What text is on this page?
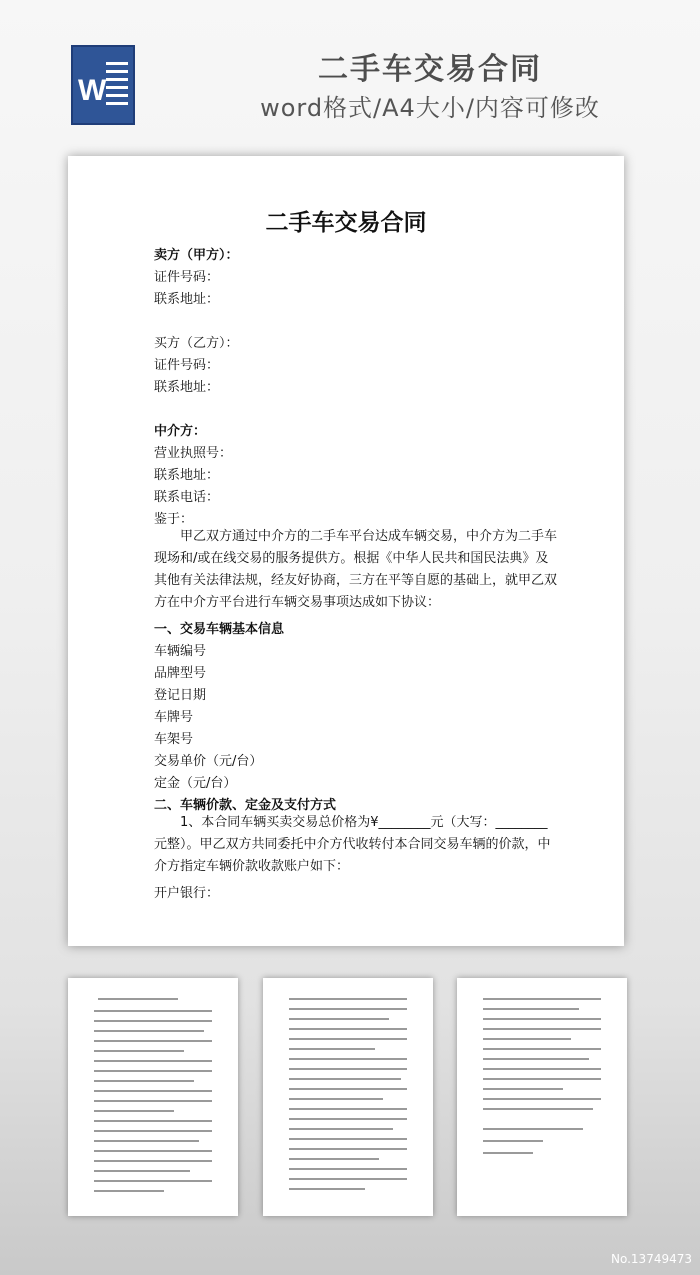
W
二手车交易合同
word格式/A4大小/内容可修改
二手车交易合同
卖方（甲方）：
证件号码：
联系地址：
买方（乙方）：
证件号码：
联系地址：
中介方：
营业执照号：
联系地址：
联系电话：
鉴于：
甲乙双方通过中介方的二手车平台达成车辆交易，中介方为二手车现场和/或在线交易的服务提供方。根据《中华人民共和国民法典》及其他有关法律法规，经友好协商，三方在平等自愿的基础上，就甲乙双方在中介方平台进行车辆交易事项达成如下协议：
一、交易车辆基本信息
车辆编号
品牌型号
登记日期
车牌号
车架号
交易单价（元/台）
定金（元/台）
二、车辆价款、定金及支付方式
1、本合同车辆买卖交易总价格为¥________元（大写：________元整）。甲乙双方共同委托中介方代收转付本合同交易车辆的价款，中介方指定车辆价款收款账户如下：
开户银行：
No.13749473
